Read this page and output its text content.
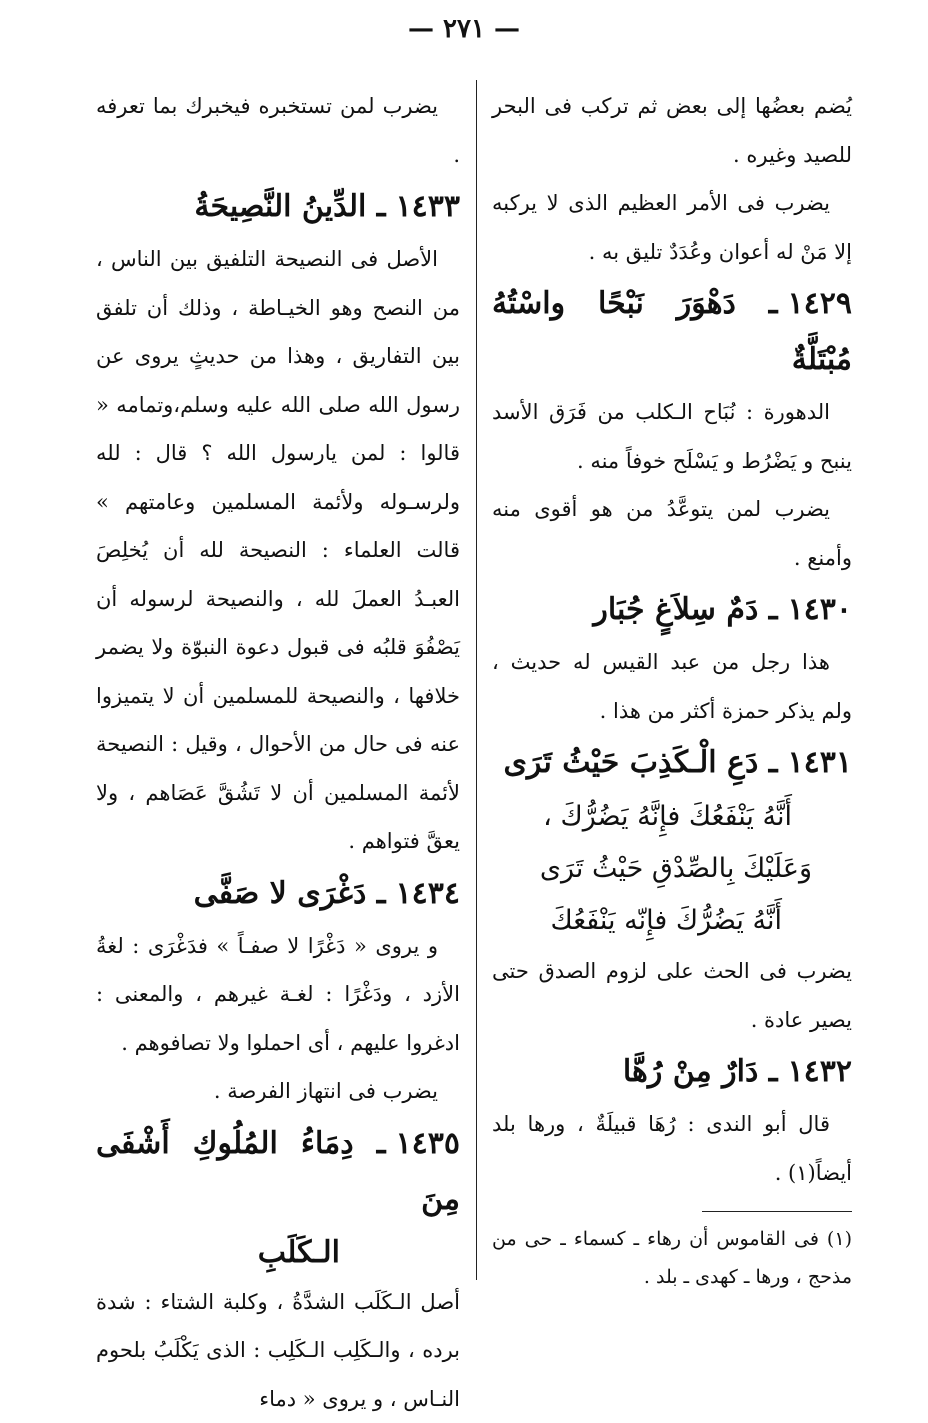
— ٢٧١ —

يُضم بعضُها إلى بعض ثم تركب فى البحر للصيد وغيره .

يضرب فى الأمر العظيم الذى لا يركبه إلا مَنْ له أعوان وعُدَدٌ تليق به .

١٤٢٩ـ دَهْوَرَ نَبْحًا واسْتُهُ مُبْتَلَّةٌ

الدهورة : نُبَاح الـكلب من فَرَق الأسد ينبح و يَضْرُط و يَسْلَح خوفاً منه .

يضرب لمن يتوعَّدُ من هو أقوى منه وأمنع .

١٤٣٠ـ دَمٌ سِلاَغٍ جُبَار

هذا رجل من عبد القيس له حديث ، ولم يذكر حمزة أكثر من هذا .

١٤٣١ـ دَعِ الْـكَذِبَ حَيْثُ تَرَى

أَنَّهُ يَنْفَعُكَ فإِنَّهُ يَضُرُّكَ ،

وَعَلَيْكَ بِالصِّدْقِ حَيْثُ تَرَى

أَنَّهُ يَضُرُّكَ فإِنّه يَنْفَعُكَ

يضرب فى الحث على لزوم الصدق حتى يصير عادة .

١٤٣٢ـ دَارٌ مِنْ رُهَّا

قال أبو الندى : رُهَا قبيلَةٌ ، ورها بلد أيضاً(١) .

(١) فى القاموس أن رهاء ـ كسماء ـ حى من مذحج ، ورها ـ كهدى ـ بلد .

يضرب لمن تستخبره فيخبرك بما تعرفه .

١٤٣٣ـ الدِّينُ النَّصِيحَةُ

الأصل فى النصيحة التلفيق بين الناس ، من النصح وهو الخيـاطة ، وذلك أن تلفق بين التفاريق ، وهذا من حديثٍ يروى عن رسول الله صلى الله عليه وسلم،وتمامه « قالوا : لمن يارسول الله ؟ قال : لله ولرسـوله ولأئمة المسلمين وعامتهم » قالت العلماء : النصيحة لله أن يُخلِصَ العبـدُ العملَ لله ، والنصيحة لرسوله أن يَصْفُوَ قلبُه فى قبول دعوة النبوّة ولا يضمر خلافها ، والنصيحة للمسلمين أن لا يتميزوا عنه فى حال من الأحوال ، وقيل : النصيحة لأئمة المسلمين أن لا تَشُقَّ عَصَاهم ، ولا يعقَّ فتواهم .

١٤٣٤ـ دَغْرَى لا صَفَّى

و يروى « دَغْرًا لا صفـاً » فدَغْرَى : لغةُ الأزد ، ودَغْرًا : لغـة غيرهم ، والمعنى : ادغروا عليهم ، أى احملوا ولا تصافوهم .

يضرب فى انتهاز الفرصة .

١٤٣٥ـ دِمَاءُ المُلُوكِ أَشْفَى مِنَ

الـكَلَبِ

أصل الـكَلَب الشدَّةُ ، وكلبة الشتاء : شدة برده ، والـكَلِب الـكَلِب : الذى يَكْلَبُ بلحوم النـاس ، و يروى « دماء
